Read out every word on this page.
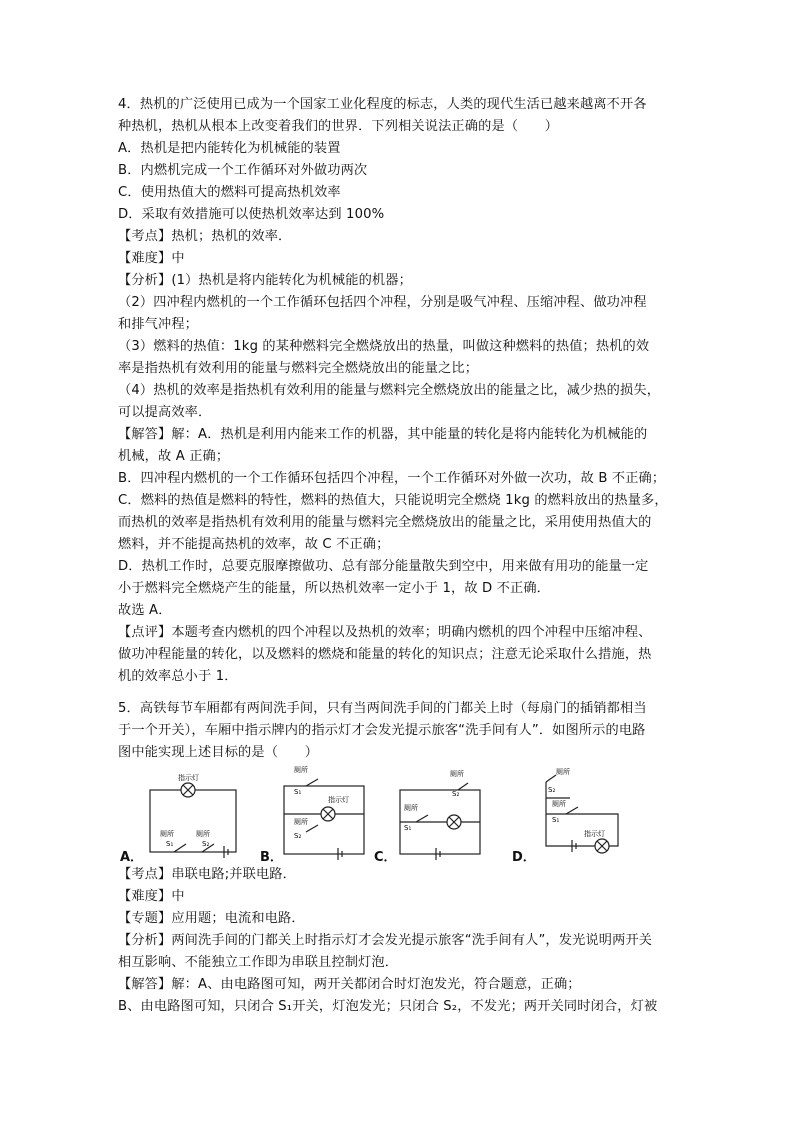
4．热机的广泛使用已成为一个国家工业化程度的标志，人类的现代生活已越来越离不开各
种热机，热机从根本上改变着我们的世界．下列相关说法正确的是（　　）
A．热机是把内能转化为机械能的装置
B．内燃机完成一个工作循环对外做功两次
C．使用热值大的燃料可提高热机效率
D．采取有效措施可以使热机效率达到 100%
【考点】热机；热机的效率．
【难度】中
【分析】(1）热机是将内能转化为机械能的机器；
（2）四冲程内燃机的一个工作循环包括四个冲程，分别是吸气冲程、压缩冲程、做功冲程
和排气冲程；
（3）燃料的热值：1kg 的某种燃料完全燃烧放出的热量，叫做这种燃料的热值；热机的效
率是指热机有效利用的能量与燃料完全燃烧放出的能量之比；
（4）热机的效率是指热机有效利用的能量与燃料完全燃烧放出的能量之比，减少热的损失，
可以提高效率．
【解答】解：A．热机是利用内能来工作的机器，其中能量的转化是将内能转化为机械能的
机械，故 A 正确；
B．四冲程内燃机的一个工作循环包括四个冲程，一个工作循环对外做一次功，故 B 不正确；
C．燃料的热值是燃料的特性，燃料的热值大，只能说明完全燃烧 1kg 的燃料放出的热量多，
而热机的效率是指热机有效利用的能量与燃料完全燃烧放出的能量之比，采用使用热值大的
燃料，并不能提高热机的效率，故 C 不正确；
D．热机工作时，总要克服摩擦做功、总有部分能量散失到空中，用来做有用功的能量一定
小于燃料完全燃烧产生的能量，所以热机效率一定小于 1，故 D 不正确．
故选 A．
【点评】本题考查内燃机的四个冲程以及热机的效率；明确内燃机的四个冲程中压缩冲程、
做功冲程能量的转化，以及燃料的燃烧和能量的转化的知识点；注意无论采取什么措施，热
机的效率总小于 1．
5．高铁每节车厢都有两间洗手间，只有当两间洗手间的门都关上时（每扇门的插销都相当
于一个开关），车厢中指示牌内的指示灯才会发光提示旅客“洗手间有人”．如图所示的电路
图中能实现上述目标的是（　　）
指示灯
厕所	厕所
S₁	S₂
厕所
S₁
指示灯
厕所
S₂
厕所
S₂
厕所
S₁
厕所
S₂
厕所
S₁
指示灯
A．	B．	C．	D．
【考点】串联电路;并联电路．
【难度】中
【专题】应用题；电流和电路．
【分析】两间洗手间的门都关上时指示灯才会发光提示旅客“洗手间有人”，发光说明两开关
相互影响、不能独立工作即为串联且控制灯泡．
【解答】解：A、由电路图可知，两开关都闭合时灯泡发光，符合题意，正确；
B、由电路图可知，只闭合 S₁开关，灯泡发光；只闭合 S₂，不发光；两开关同时闭合，灯被
